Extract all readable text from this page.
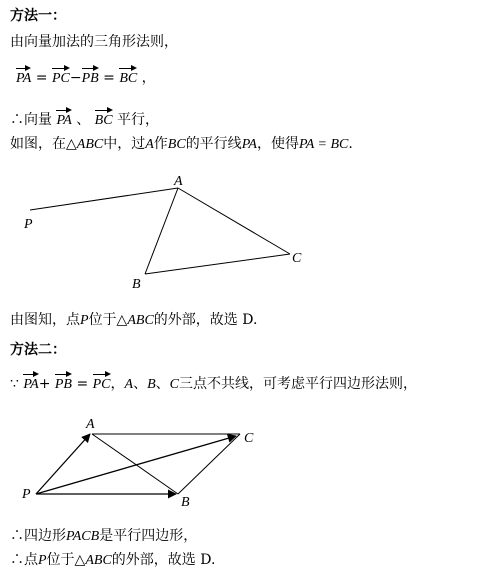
方法一：
由向量加法的三角形法则，
PA = PC−PB = BC ，
∴向量 PA 、 BC 平行，
如图，在△ABC中，过A作BC的平行线PA，使得PA = BC.
A
B
C
P
A
C
B
P
由图知，点P位于△ABC的外部，故选 D.
方法二：
∵ PA+ PB = PC，A、B、C三点不共线，可考虑平行四边形法则，
∴四边形PACB是平行四边形，
∴点P位于△ABC的外部，故选 D.
